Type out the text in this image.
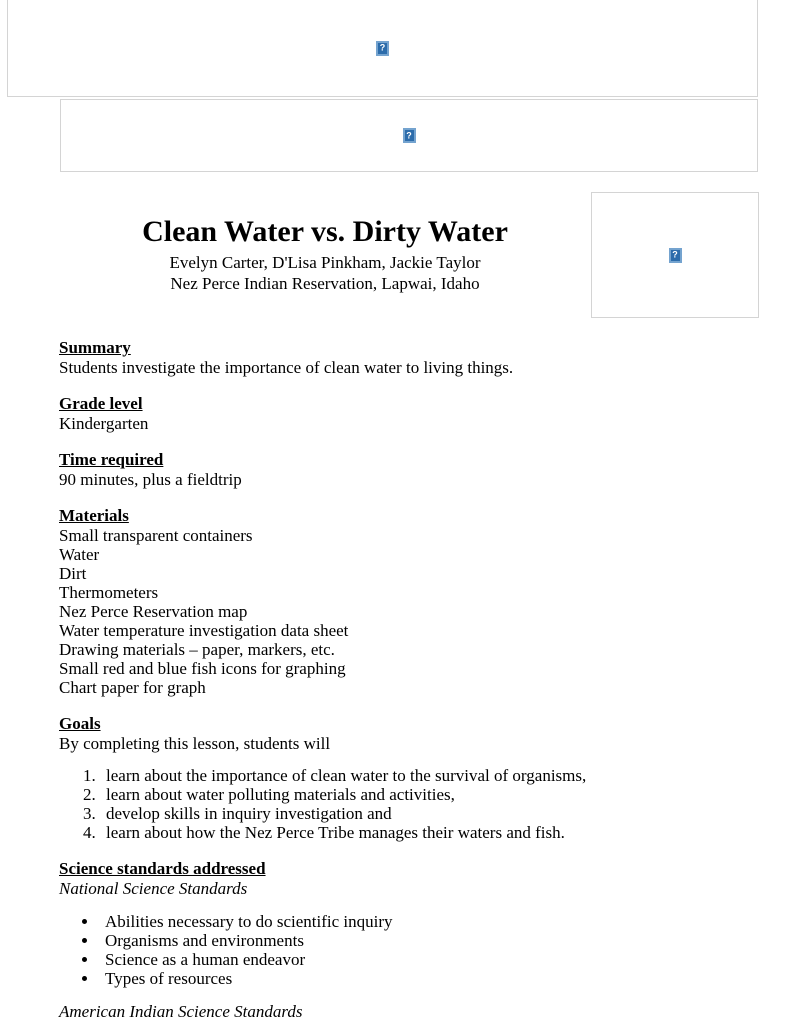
?
?
Clean Water vs. Dirty Water
Evelyn Carter, D'Lisa Pinkham, Jackie Taylor
Nez Perce Indian Reservation, Lapwai, Idaho
?
Summary

Students investigate the importance of clean water to living things.

Grade level

Kindergarten

Time required

90 minutes, plus a fieldtrip

Materials
Small transparent containers
Water
Dirt
Thermometers
Nez Perce Reservation map
Water temperature investigation data sheet
Drawing materials – paper, markers, etc.
Small red and blue fish icons for graphing
Chart paper for graph
Goals

By completing this lesson, students will

1. learn about the importance of clean water to the survival of organisms,
2. learn about water polluting materials and activities,
3. develop skills in inquiry investigation and
4. learn about how the Nez Perce Tribe manages their waters and fish.
Science standards addressed

National Science Standards

• Abilities necessary to do scientific inquiry
• Organisms and environments
• Science as a human endeavor
• Types of resources

American Indian Science Standards
